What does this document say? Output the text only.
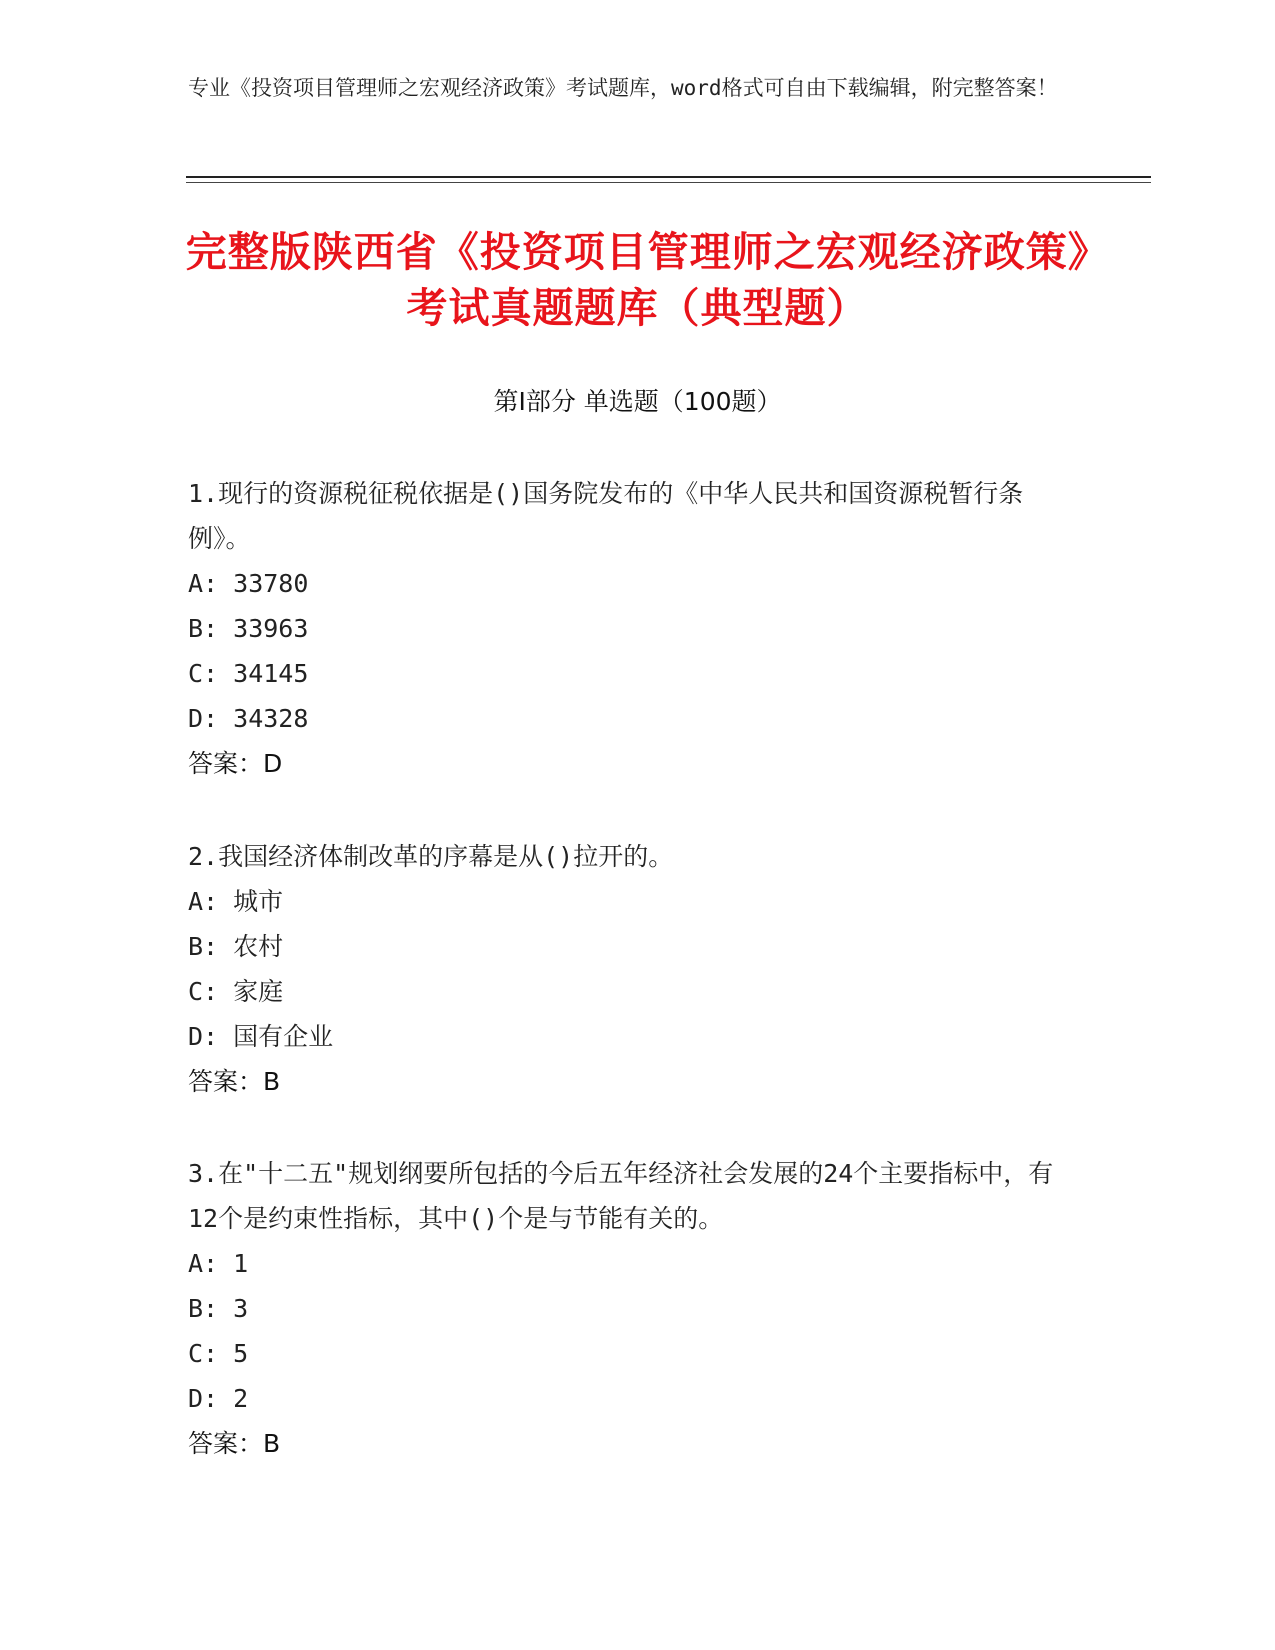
专业《投资项目管理师之宏观经济政策》考试题库，word格式可自由下载编辑，附完整答案！
完整版陕西省《投资项目管理师之宏观经济政策》考试真题题库（典型题）
第Ⅰ部分 单选题（100题）

1.现行的资源税征税依据是()国务院发布的《中华人民共和国资源税暂行条例》。

A: 33780

B: 33963

C: 34145

D: 34328

答案：D

2.我国经济体制改革的序幕是从()拉开的。

A: 城市

B: 农村

C: 家庭

D: 国有企业

答案：B

3.在"十二五"规划纲要所包括的今后五年经济社会发展的24个主要指标中，有12个是约束性指标，其中()个是与节能有关的。

A: 1

B: 3

C: 5

D: 2

答案：B
